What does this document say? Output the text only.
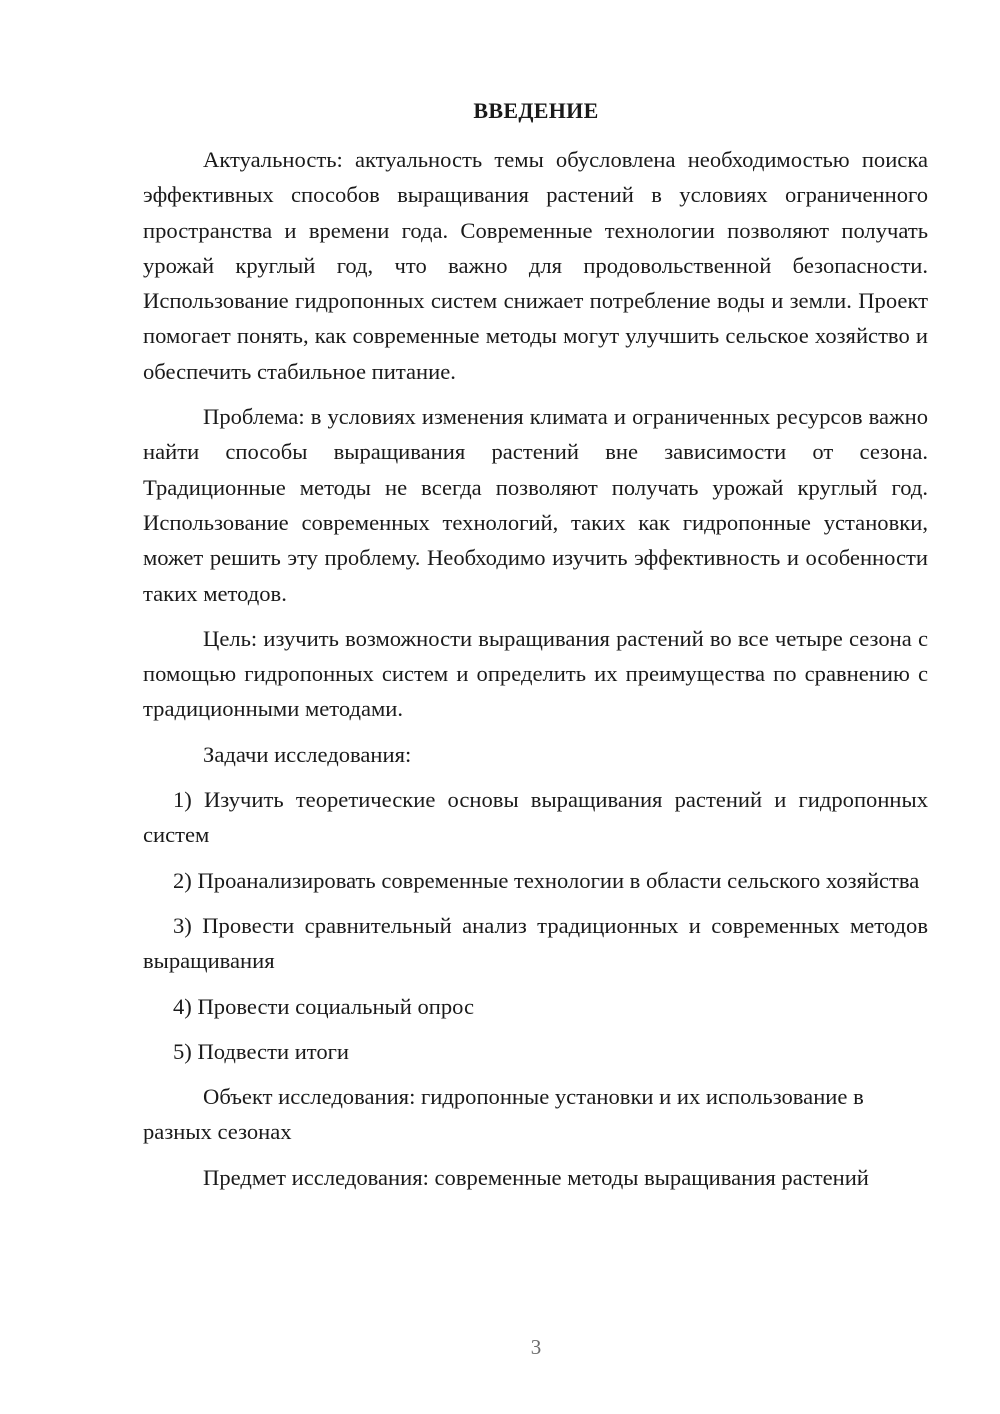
ВВЕДЕНИЕ

Актуальность: актуальность темы обусловлена необходимостью поиска эффективных способов выращивания растений в условиях ограниченного пространства и времени года. Современные технологии позволяют получать урожай круглый год, что важно для продовольственной безопасности. Использование гидропонных систем снижает потребление воды и земли. Проект помогает понять, как современные методы могут улучшить сельское хозяйство и обеспечить стабильное питание.

Проблема: в условиях изменения климата и ограниченных ресурсов важно найти способы выращивания растений вне зависимости от сезона. Традиционные методы не всегда позволяют получать урожай круглый год. Использование современных технологий, таких как гидропонные установки, может решить эту проблему. Необходимо изучить эффективность и особенности таких методов.

Цель: изучить возможности выращивания растений во все четыре сезона с помощью гидропонных систем и определить их преимущества по сравнению с традиционными методами.

Задачи исследования:

1) Изучить теоретические основы выращивания растений и гидропонных систем

2) Проанализировать современные технологии в области сельского хозяйства

3) Провести сравнительный анализ традиционных и современных методов выращивания

4) Провести социальный опрос

5) Подвести итоги

Объект исследования: гидропонные установки и их использование в разных сезонах

Предмет исследования: современные методы выращивания растений

3
